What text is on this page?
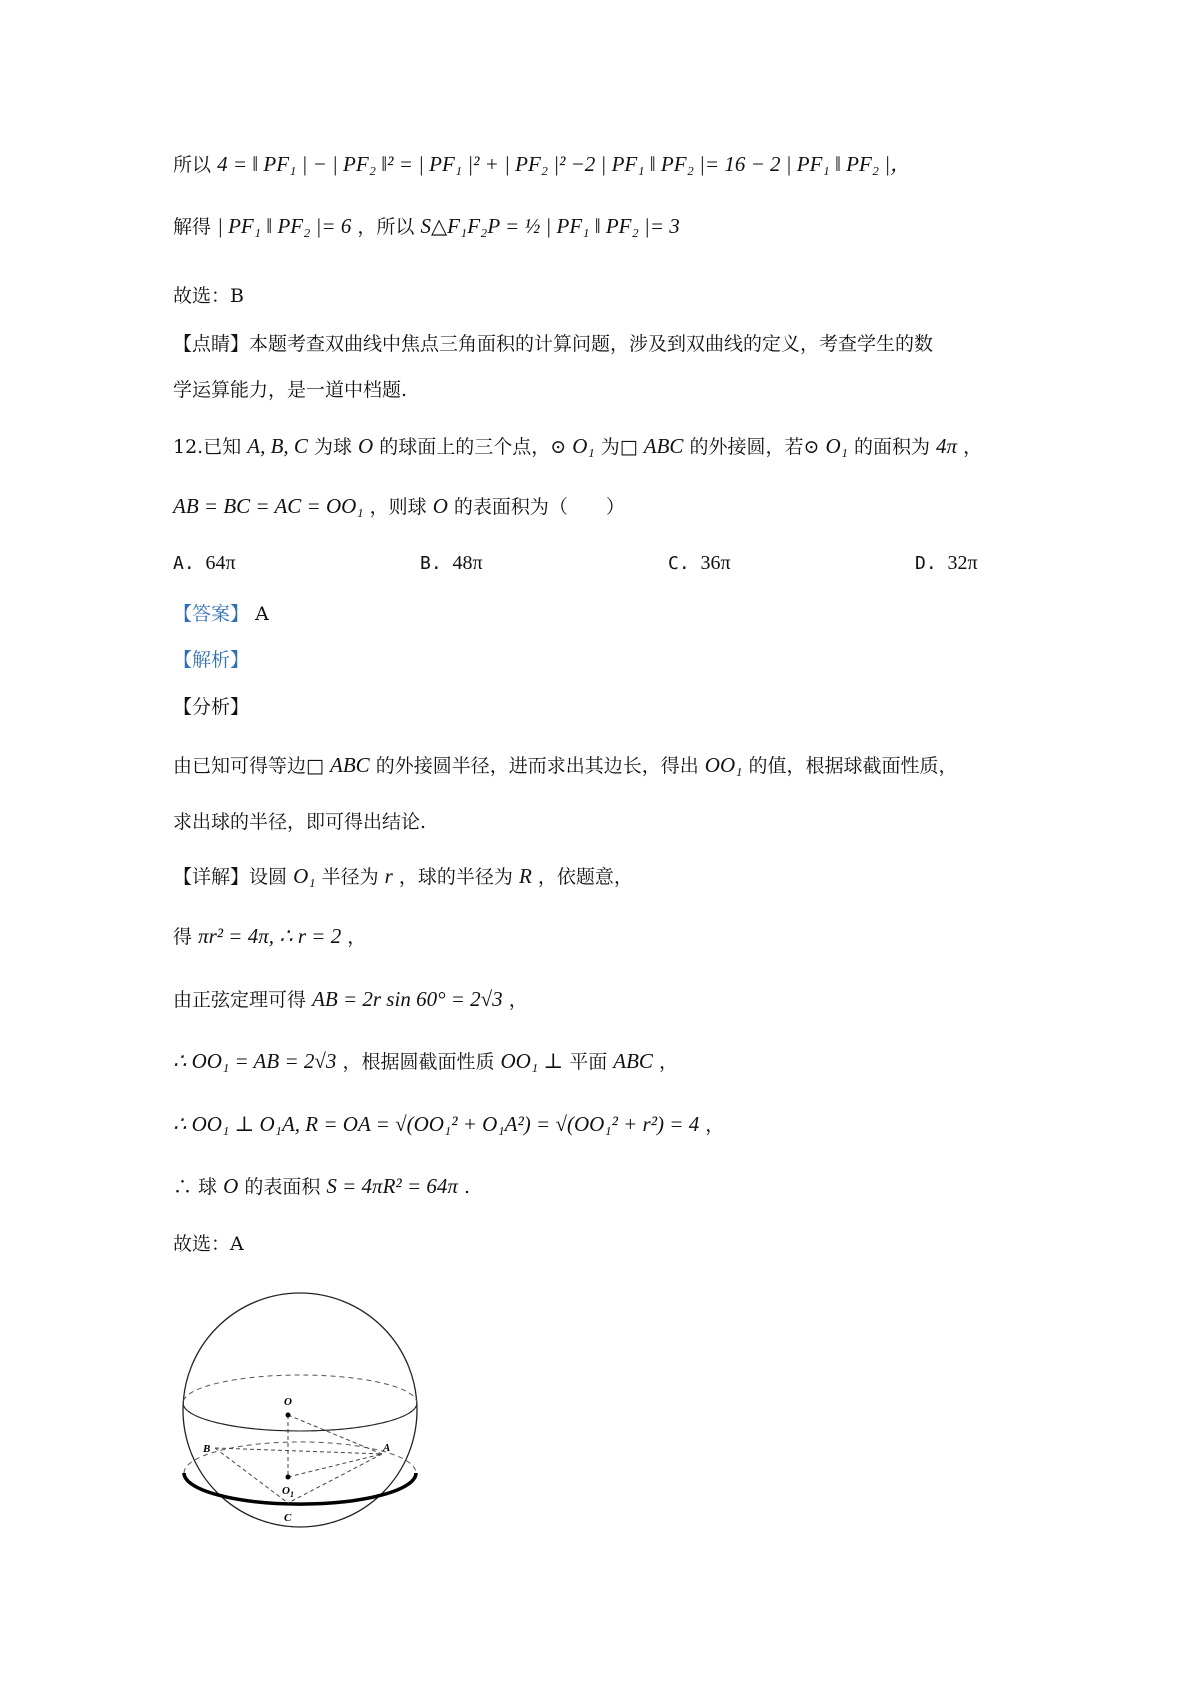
所以 4 = ‖ PF₁ | − | PF₂ ‖² = | PF₁ |² + | PF₂ |² −2 | PF₁ ‖ PF₂ |= 16 − 2 | PF₁ ‖ PF₂ |，
解得 | PF₁ ‖ PF₂ |= 6 ，所以 S△F₁F₂P = ½ | PF₁ ‖ PF₂ |= 3
故选：B
【点睛】本题考查双曲线中焦点三角面积的计算问题，涉及到双曲线的定义，考查学生的数
学运算能力，是一道中档题.
12.已知 A, B, C 为球 O 的球面上的三个点，⊙ O₁ 为□ ABC 的外接圆，若⊙ O₁ 的面积为 4π ，
AB = BC = AC = OO₁ ，则球 O 的表面积为（　　）
A. 64π	B. 48π	C. 36π	D. 32π
【答案】 A
【解析】
【分析】
由已知可得等边□ ABC 的外接圆半径，进而求出其边长，得出 OO₁ 的值，根据球截面性质，
求出球的半径，即可得出结论.
【详解】设圆 O₁ 半径为 r ，球的半径为 R ，依题意，
得 πr² = 4π, ∴ r = 2 ，
由正弦定理可得 AB = 2r sin 60° = 2√3 ，
∴ OO₁ = AB = 2√3 ，根据圆截面性质 OO₁ ⊥ 平面 ABC ，
∴ OO₁ ⊥ O₁A, R = OA = √(OO₁² + O₁A²) = √(OO₁² + r²) = 4 ，
∴ 球 O 的表面积 S = 4πR² = 64π .
故选：A
O
$O_1$
A
B
C
